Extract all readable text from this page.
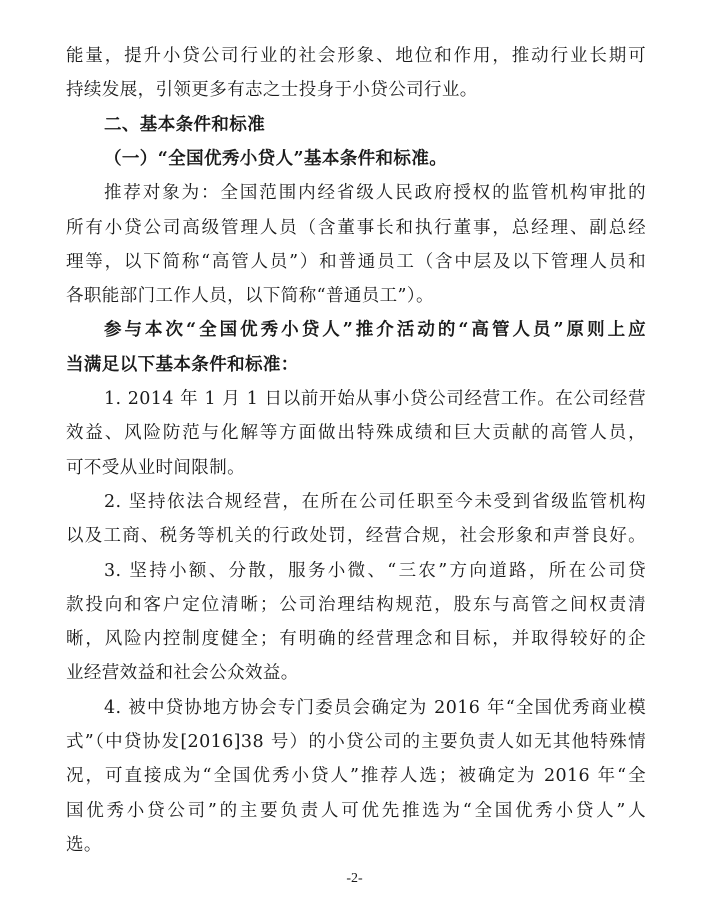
能量，提升小贷公司行业的社会形象、地位和作用，推动行业长期可
持续发展，引领更多有志之士投身于小贷公司行业。
二、基本条件和标准
（一）“全国优秀小贷人”基本条件和标准。
推荐对象为：全国范围内经省级人民政府授权的监管机构审批的
所有小贷公司高级管理人员（含董事长和执行董事，总经理、副总经
理等，以下简称“高管人员”）和普通员工（含中层及以下管理人员和
各职能部门工作人员，以下简称“普通员工”）。
参与本次“全国优秀小贷人”推介活动的“高管人员”原则上应
当满足以下基本条件和标准：
1. 2014 年 1 月 1 日以前开始从事小贷公司经营工作。在公司经营
效益、风险防范与化解等方面做出特殊成绩和巨大贡献的高管人员，
可不受从业时间限制。
2. 坚持依法合规经营，在所在公司任职至今未受到省级监管机构
以及工商、税务等机关的行政处罚，经营合规，社会形象和声誉良好。
3. 坚持小额、分散，服务小微、“三农”方向道路，所在公司贷
款投向和客户定位清晰；公司治理结构规范，股东与高管之间权责清
晰，风险内控制度健全；有明确的经营理念和目标，并取得较好的企
业经营效益和社会公众效益。
4. 被中贷协地方协会专门委员会确定为 2016 年“全国优秀商业模
式”（中贷协发[2016]38 号）的小贷公司的主要负责人如无其他特殊情
况，可直接成为“全国优秀小贷人”推荐人选；被确定为 2016 年“全
国优秀小贷公司”的主要负责人可优先推选为“全国优秀小贷人”人
-2-
选。
